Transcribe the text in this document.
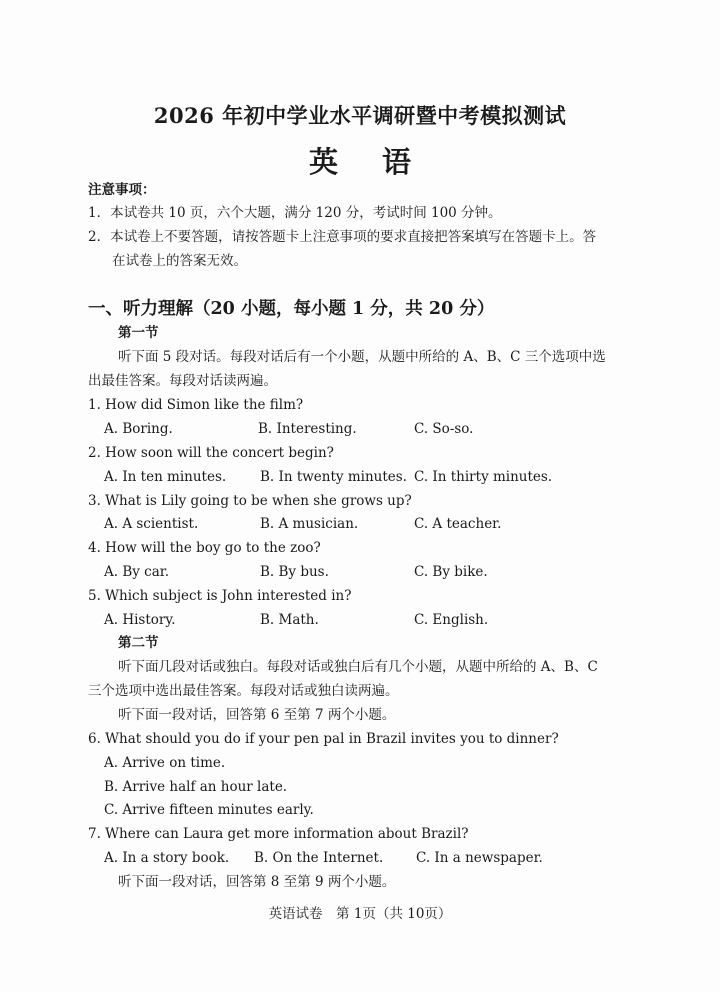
2026 年初中学业水平调研暨中考模拟测试
英语
注意事项：
1．本试卷共 10 页，六个大题，满分 120 分，考试时间 100 分钟。
2．本试卷上不要答题，请按答题卡上注意事项的要求直接把答案填写在答题卡上。答
在试卷上的答案无效。
一、听力理解（20 小题，每小题 1 分，共 20 分）
第一节
听下面 5 段对话。每段对话后有一个小题，从题中所给的 A、B、C 三个选项中选
出最佳答案。每段对话读两遍。
1. How did Simon like the film?
A. Boring.	B. Interesting.	C. So-so.
2. How soon will the concert begin?
A. In ten minutes.	B. In twenty minutes. C. In thirty minutes.
3. What is Lily going to be when she grows up?
A. A scientist.	B. A musician.	C. A teacher.
4. How will the boy go to the zoo?
A. By car.	B. By bus.	C. By bike.
5. Which subject is John interested in?
A. History.	B. Math.	C. English.
第二节
听下面几段对话或独白。每段对话或独白后有几个小题，从题中所给的 A、B、C
三个选项中选出最佳答案。每段对话或独白读两遍。
听下面一段对话，回答第 6 至第 7 两个小题。
6. What should you do if your pen pal in Brazil invites you to dinner?
A. Arrive on time.
B. Arrive half an hour late.
C. Arrive fifteen minutes early.
7. Where can Laura get more information about Brazil?
A. In a story book. B. On the Internet. C. In a newspaper.
听下面一段对话，回答第 8 至第 9 两个小题。
英语试卷　第 1页（共 10页）
